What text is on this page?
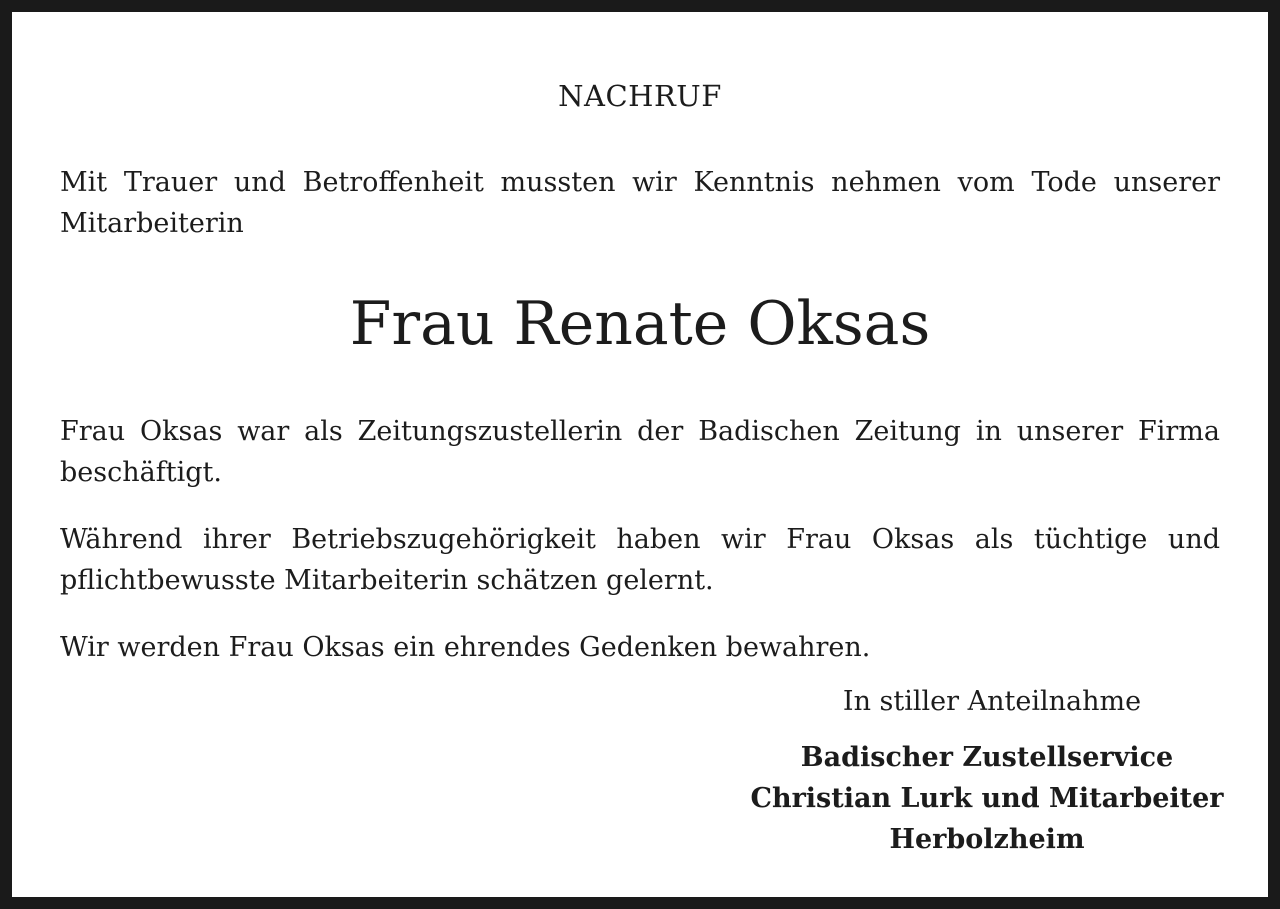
NACHRUF

Mit Trauer und Betroffenheit mussten wir Kenntnis nehmen vom Tode unserer Mitarbeiterin

Frau Renate Oksas

Frau Oksas war als Zeitungszustellerin der Badischen Zeitung in unserer Firma beschäftigt.

Während ihrer Betriebszugehörigkeit haben wir Frau Oksas als tüchtige und pflichtbewusste Mitarbeiterin schätzen gelernt.

Wir werden Frau Oksas ein ehrendes Gedenken bewahren.

In stiller Anteilnahme
Badischer Zustellservice
Christian Lurk und Mitarbeiter
Herbolzheim
